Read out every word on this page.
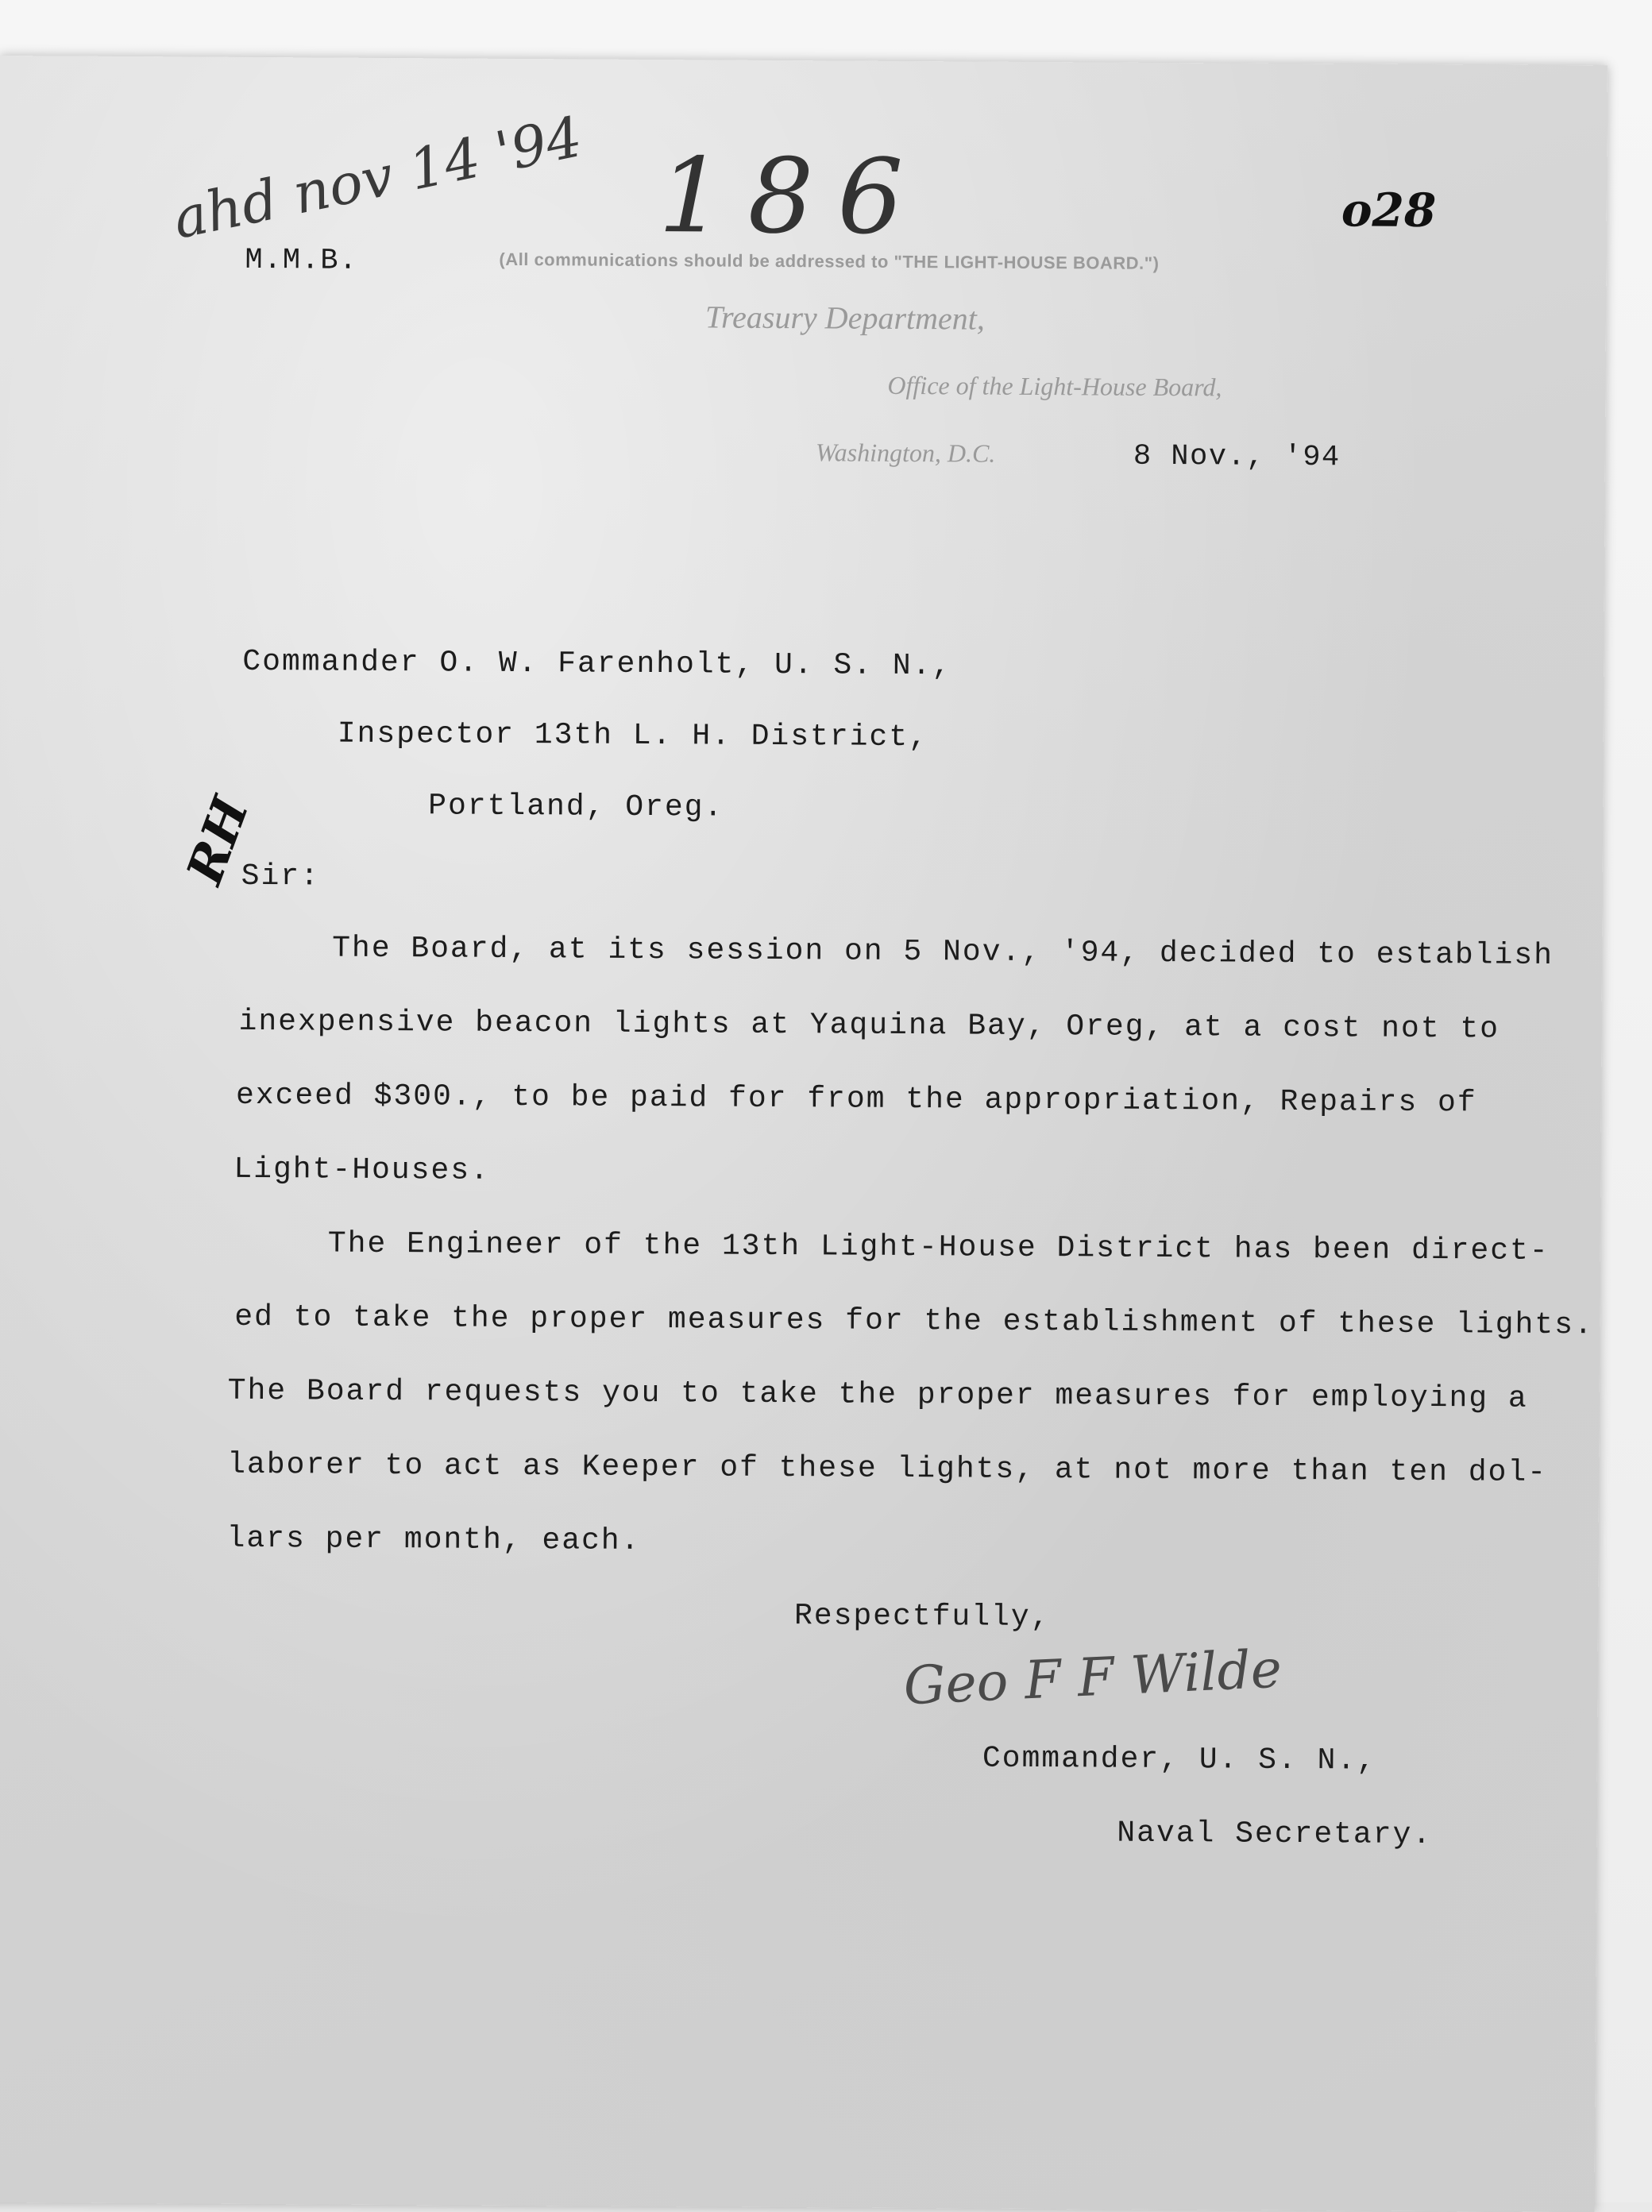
ahd nov 14 '94 186	o28
RH
M.M.B.	(All communications should be addressed to "THE LIGHT-HOUSE BOARD.")
Treasury Department,
Office of the Light-House Board,
Washington, D.C.	8 Nov., '94
Commander O. W. Farenholt, U. S. N.,
Inspector 13th L. H. District,
Portland, Oreg.
Sir:
The Board, at its session on 5 Nov., '94, decided to establish
inexpensive beacon lights at Yaquina Bay, Oreg, at a cost not to
exceed $300., to be paid for from the appropriation, Repairs of
Light-Houses.
The Engineer of the 13th Light-House District has been direct-
ed to take the proper measures for the establishment of these lights.
The Board requests you to take the proper measures for employing a
laborer to act as Keeper of these lights, at not more than ten dol-
lars per month, each.
Respectfully,
Geo F F Wilde
Commander, U. S. N.,
Naval Secretary.
